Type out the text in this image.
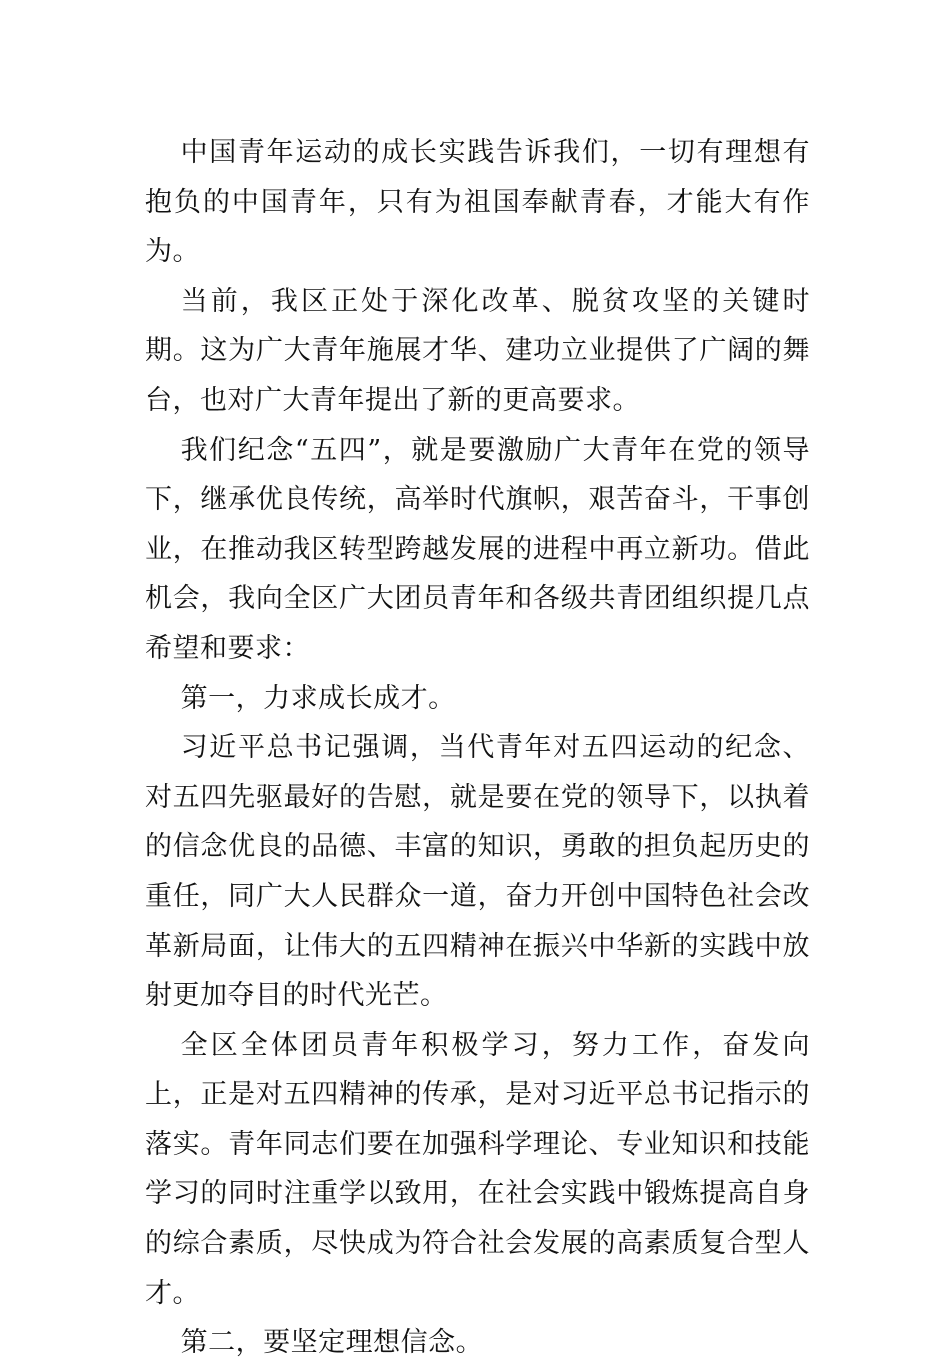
中国青年运动的成长实践告诉我们，一切有理想有抱负的中国青年，只有为祖国奉献青春，才能大有作为。

当前，我区正处于深化改革、脱贫攻坚的关键时期。这为广大青年施展才华、建功立业提供了广阔的舞台，也对广大青年提出了新的更高要求。

我们纪念“五四”，就是要激励广大青年在党的领导下，继承优良传统，高举时代旗帜，艰苦奋斗，干事创业，在推动我区转型跨越发展的进程中再立新功。借此机会，我向全区广大团员青年和各级共青团组织提几点希望和要求：

第一，力求成长成才。

习近平总书记强调，当代青年对五四运动的纪念、对五四先驱最好的告慰，就是要在党的领导下，以执着的信念优良的品德、丰富的知识，勇敢的担负起历史的重任，同广大人民群众一道，奋力开创中国特色社会改革新局面，让伟大的五四精神在振兴中华新的实践中放射更加夺目的时代光芒。

全区全体团员青年积极学习，努力工作，奋发向上，正是对五四精神的传承，是对习近平总书记指示的落实。青年同志们要在加强科学理论、专业知识和技能学习的同时注重学以致用，在社会实践中锻炼提高自身的综合素质，尽快成为符合社会发展的高素质复合型人才。

第二，要坚定理想信念。
